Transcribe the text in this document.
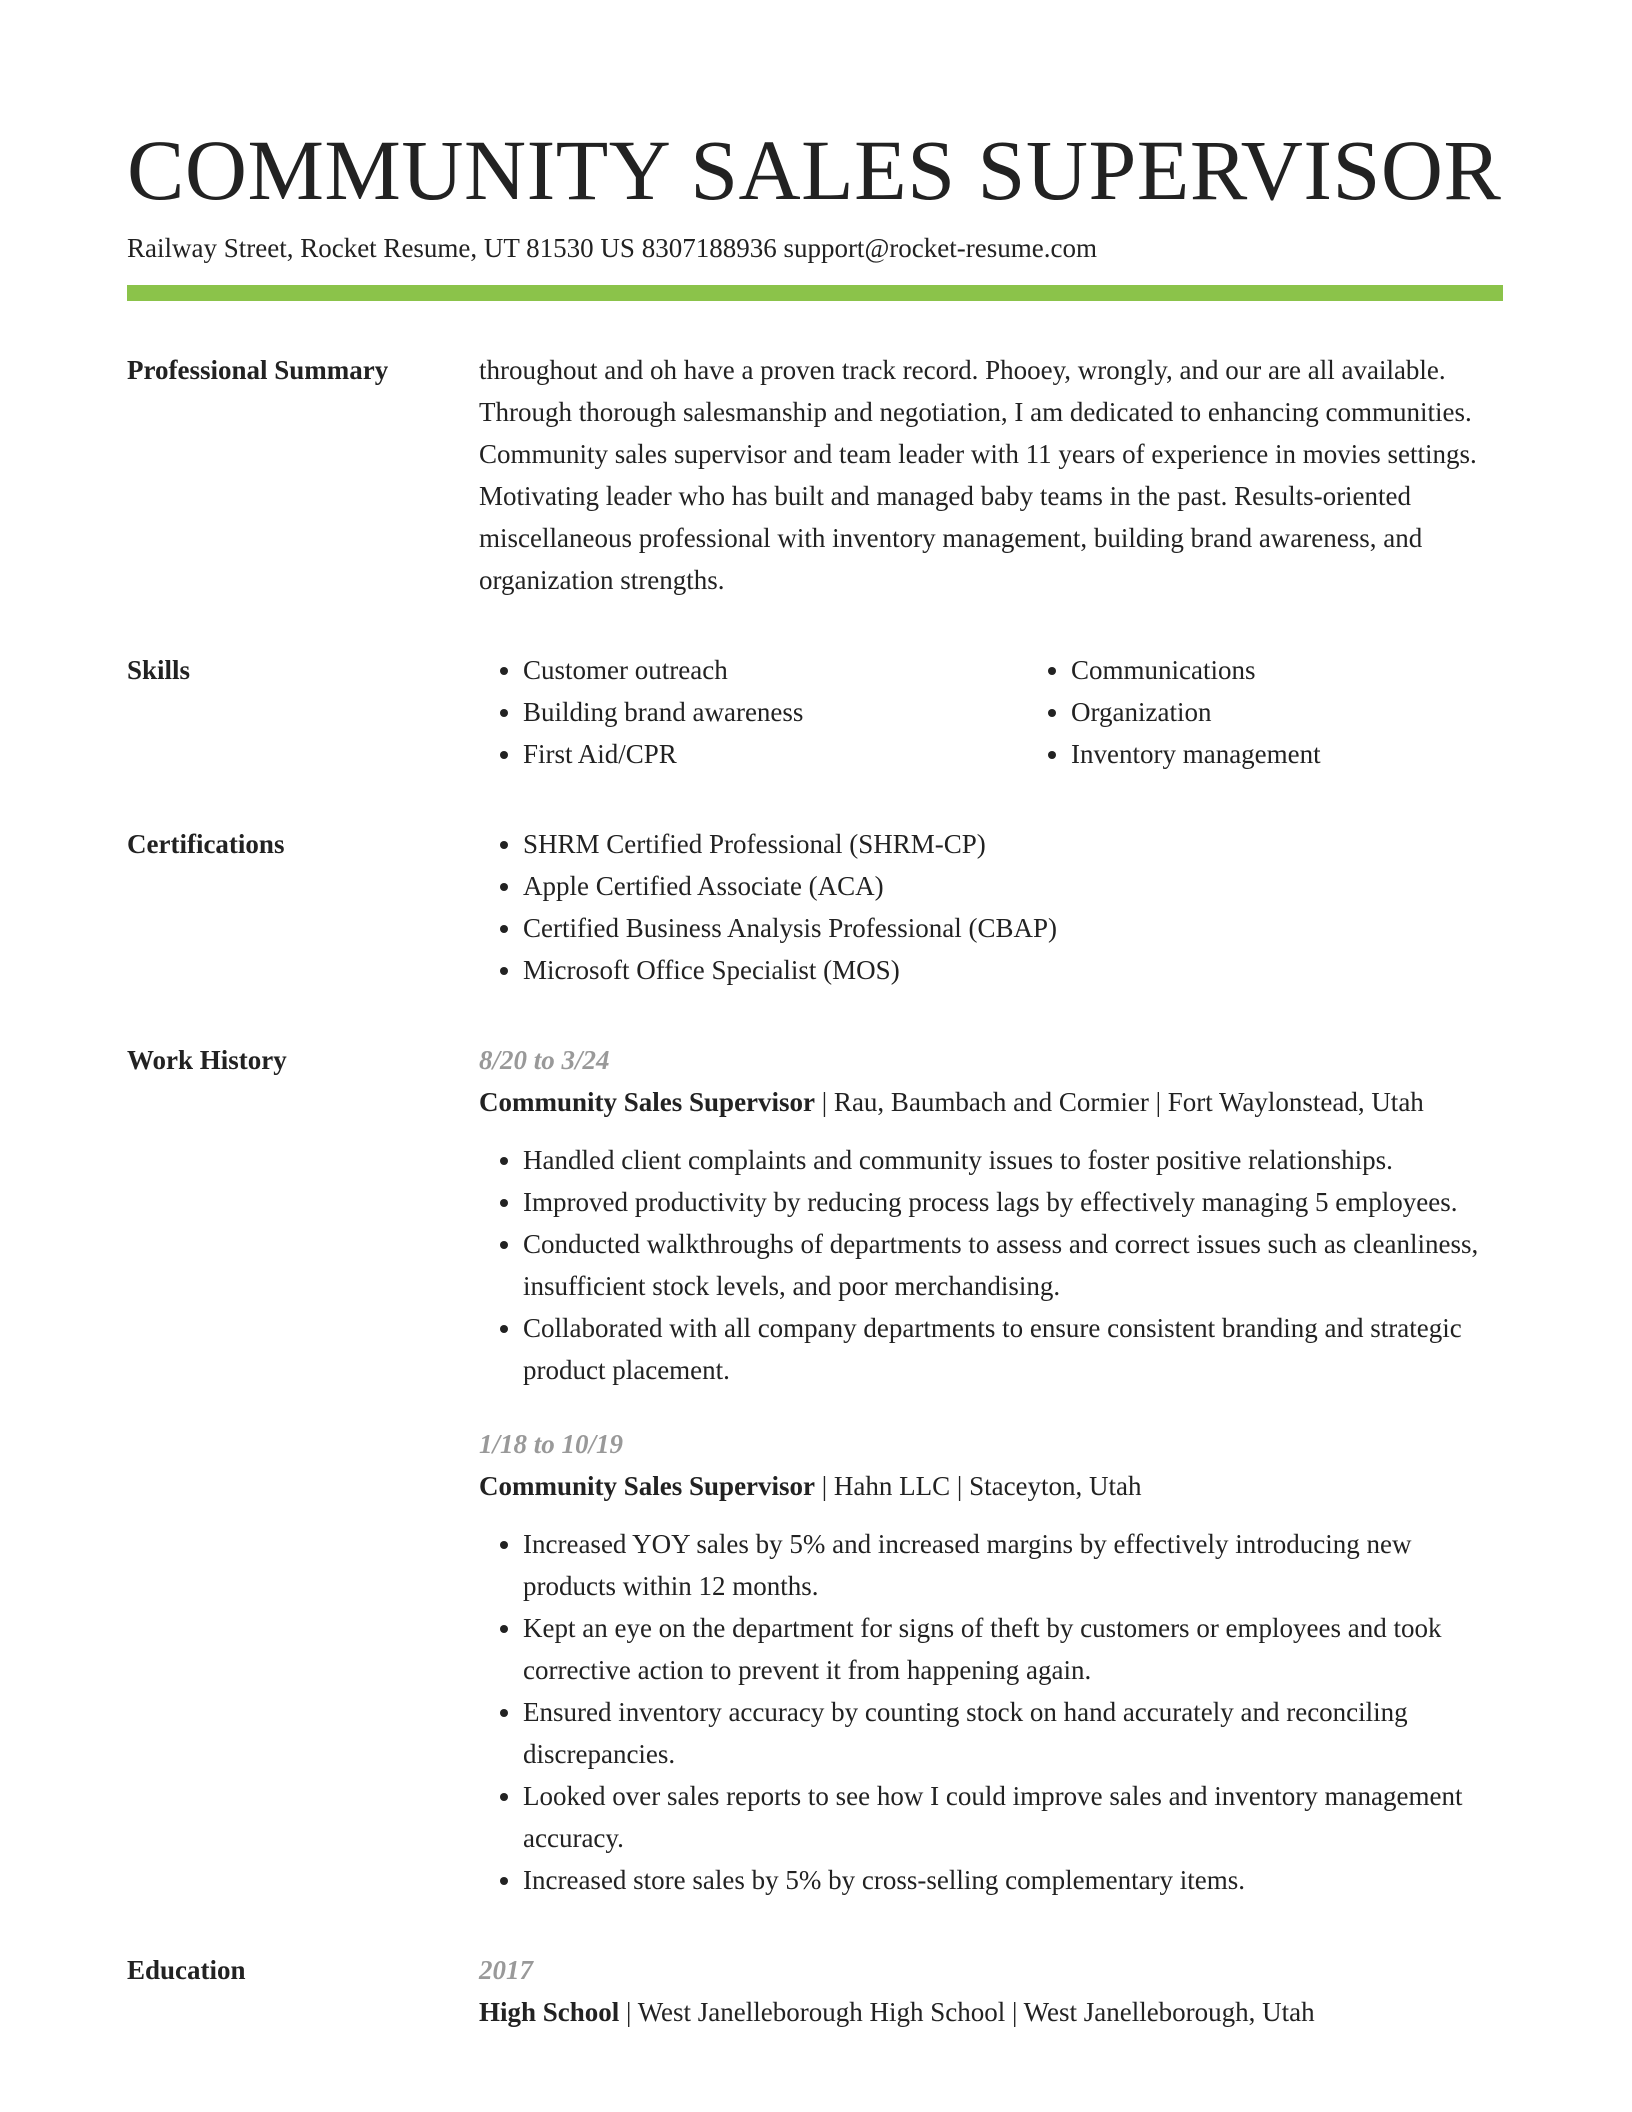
COMMUNITY SALES SUPERVISOR
Railway Street, Rocket Resume, UT 81530 US 8307188936 support@rocket-resume.com
Professional Summary	throughout and oh have a proven track record. Phooey, wrongly, and our are all available. Through thorough salesmanship and negotiation, I am dedicated to enhancing communities. Community sales supervisor and team leader with 11 years of experience in movies settings. Motivating leader who has built and managed baby teams in the past. Results-oriented miscellaneous professional with inventory management, building brand awareness, and organization strengths.

Skills	• Customer outreach
• Building brand awareness
• First Aid/CPR
• Communications
• Organization
• Inventory management
Certifications	• SHRM Certified Professional (SHRM-CP)
• Apple Certified Associate (ACA)
• Certified Business Analysis Professional (CBAP)
• Microsoft Office Specialist (MOS)
Work History	8/20 to 3/24
Community Sales Supervisor | Rau, Baumbach and Cormier | Fort Waylonstead, Utah
• Handled client complaints and community issues to foster positive relationships.
• Improved productivity by reducing process lags by effectively managing 5 employees.
• Conducted walkthroughs of departments to assess and correct issues such as cleanliness, insufficient stock levels, and poor merchandising.
• Collaborated with all company departments to ensure consistent branding and strategic product placement.
1/18 to 10/19
Community Sales Supervisor | Hahn LLC | Staceyton, Utah
• Increased YOY sales by 5% and increased margins by effectively introducing new products within 12 months.
• Kept an eye on the department for signs of theft by customers or employees and took corrective action to prevent it from happening again.
• Ensured inventory accuracy by counting stock on hand accurately and reconciling discrepancies.
• Looked over sales reports to see how I could improve sales and inventory management accuracy.
• Increased store sales by 5% by cross-selling complementary items.
Education	2017
High School | West Janelleborough High School | West Janelleborough, Utah
